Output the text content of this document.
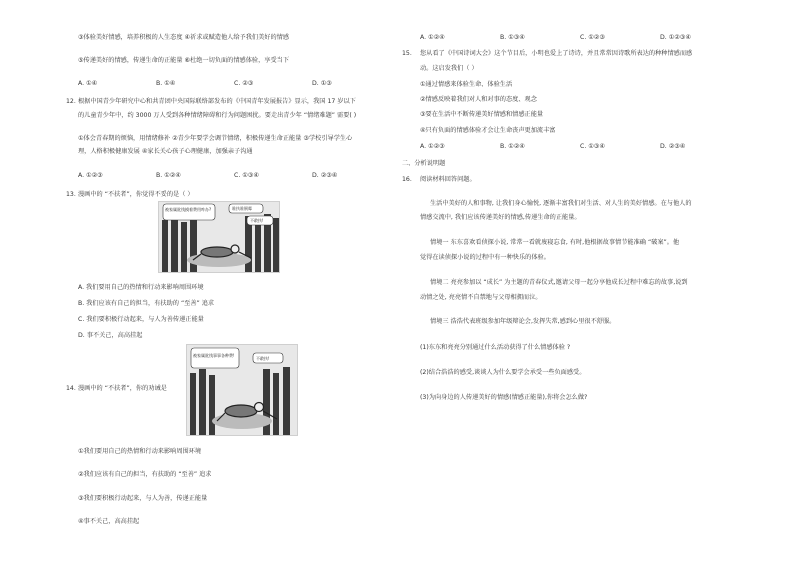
③体验美好情感，培养积极的人生态度 ④祈求或赋造他人给予我们美好的情感
⑤传递美好的情感，传递生命的正能量 ⑥杜绝一切负面的情感体验，享受当下
A. ①④	B. ①④	C. ②③	D. ①③
12. 根据中国青少年研究中心和共青团中央国际联络部发布的《中国青年发展报告》显示，我国 17 岁以下
的儿童青少年中，约 3000 万人受到各种情绪障碍和行为问题困扰。要走出青少年 “情绪难题” 需要( )
①体会青春期的烦恼，用情绪修补 ②青少年要学会调节情绪，积极传递生命正能量 ③学校引导学生心
理，人格积极健康发展 ④家长关心孩子心理健康，加强亲子沟通
A. ①②③	B. ①②④	C. ①③④	D. ②③④
13. 漫画中的 “不扶者”，你觉得不妥的是（ ）
被家属讹钱摸着费用咋办?	谁扶谁倒霉
不敢扶!
A. 我们要用自己的热情和行动来影响周围环境
B. 我们应该有自己的担当，有扶助的 “至善” 追求
C. 我们要积极行动起来，与人为善传递正能量
D. 事不关己，高高挂起
被家属讹钱事事各种费!
不敢扶!
14. 漫画中的 “不扶者”，你的劝诫是
①我们要用自己的热情和行动来影响周围环境
②我们应该有自己的担当，有扶助的 “至善” 追求
③我们要积极行动起来，与人为善，传递正能量
④事不关己，高高挂起
A. ①②④	B. ①③④	C. ①②③	D. ①②③④
15. 您从看了《中国诗词大会》这个节目后，小明也爱上了诗诗，并且常常因诗歌所表达的种种情感而感
动。这启发我们（ ）
①通过情感来体验生命、体验生活
②情感反映着我们对人和对事的态度、观念
③要在生活中不断传递美好情感和情感正能量
④只有负面的情感体验才会让生命丧声更加流丰富
A. ①②③	B. ①②④	C. ①③④	D. ②③④
二、分析说明题
16. 阅读材料回答问题。
生活中美好的人和事物, 让我们身心愉悦, 逐渐丰富我们对生活、对人生的美好情感。在与他人的
情感交流中, 我们应该传递美好的情感,传递生命的正能量。
情境一 东东喜欢看侦探小说, 常常一看就废寝忘食, 有时,他根据故事情节能准确 “破案”。他
觉得在读侦探小说的过程中有一种快乐的体验。
情境二 亮亮参加以 “成长” 为主题的青春仪式,邀请父母一起分享他成长过程中难忘的故事,说到
动情之处, 亮亮情不自禁地与父母相拥而泣。
情境三 浩浩代表班级参加年级辩论会,发挥失常,感到心里很不舒服。
(1)东东和亮亮分别通过什么活动获得了什么情感体验 ?
(2)结合浩浩的感受,谈谈人为什么要学会承受一些负面感受。
(3)为向身边的人传递美好的情感(情感正能量),你将会怎么做?
